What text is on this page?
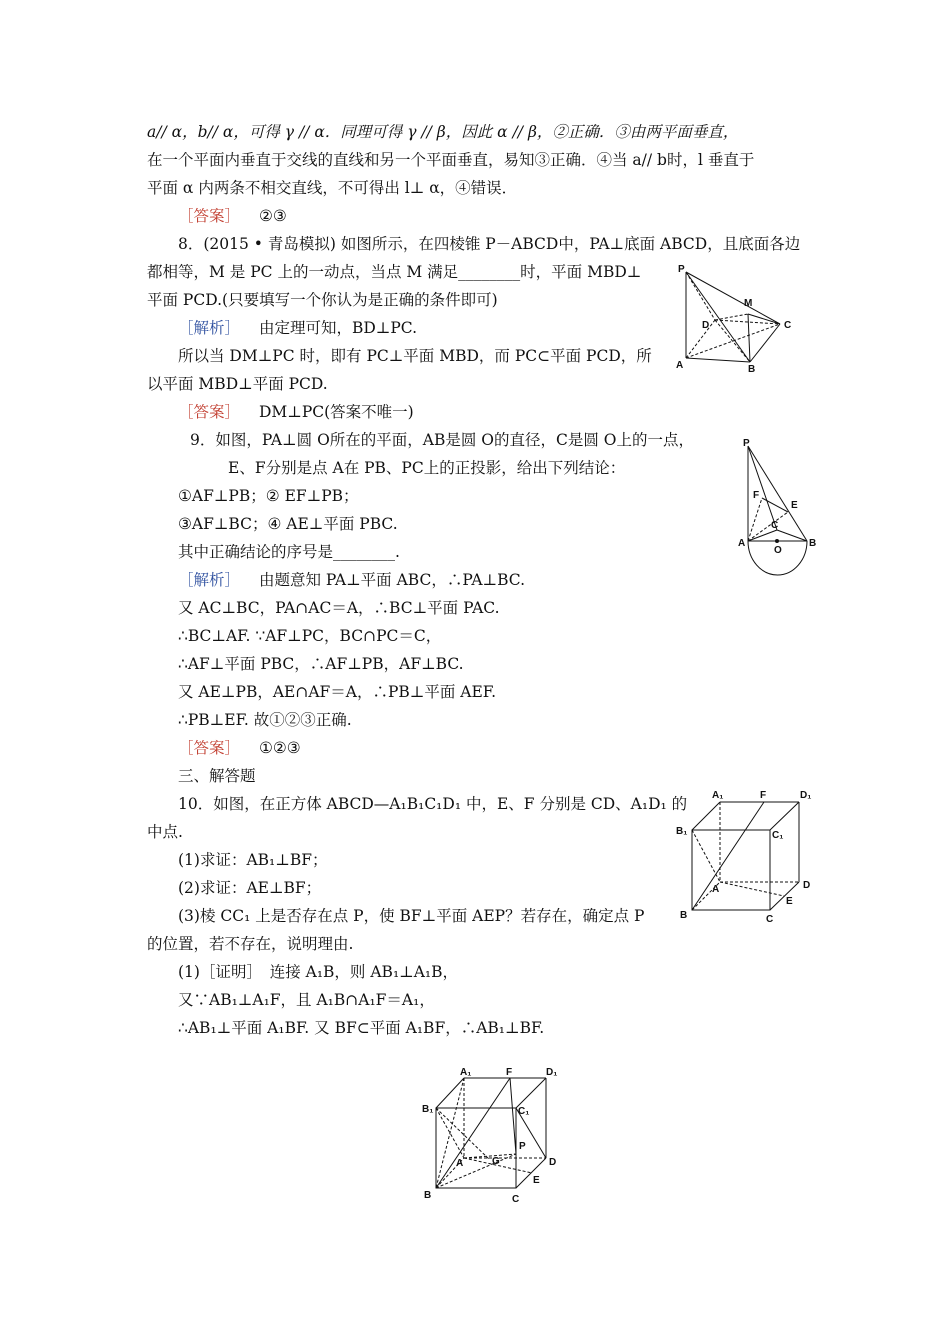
a// α，b// α，可得 γ // α．同理可得 γ // β，因此 α // β，②正确．③由两平面垂直，
在一个平面内垂直于交线的直线和另一个平面垂直，易知③正确．④当 a// b时，l 垂直于
平面 α 内两条不相交直线，不可得出 l⊥ α，④错误．
［答案］ ②③
8．(2015 • 青岛模拟) 如图所示，在四棱锥 P－ABCD中，PA⊥底面 ABCD，且底面各边
都相等，M 是 PC 上的一动点，当点 M 满足________时，平面 MBD⊥
平面 PCD.(只要填写一个你认为是正确的条件即可)
［解析］ 由定理可知，BD⊥PC.
所以当 DM⊥PC 时，即有 PC⊥平面 MBD，而 PC⊂平面 PCD，所
以平面 MBD⊥平面 PCD.
［答案］ DM⊥PC(答案不唯一)
9．如图，PA⊥圆 O所在的平面，AB是圆 O的直径，C是圆 O上的一点，
E、F分别是点 A在 PB、PC上的正投影，给出下列结论：
①AF⊥PB；② EF⊥PB；
③AF⊥BC；④ AE⊥平面 PBC.
其中正确结论的序号是________.
［解析］ 由题意知 PA⊥平面 ABC，∴PA⊥BC.
又 AC⊥BC，PA∩AC＝A，∴BC⊥平面 PAC.
∴BC⊥AF. ∵AF⊥PC，BC∩PC＝C，
∴AF⊥平面 PBC，∴AF⊥PB，AF⊥BC.
又 AE⊥PB，AE∩AF＝A，∴PB⊥平面 AEF.
∴PB⊥EF. 故①②③正确.
［答案］ ①②③
三、解答题
10．如图，在正方体 ABCD—A₁B₁C₁D₁ 中，E、F 分别是 CD、A₁D₁ 的
中点.
(1)求证：AB₁⊥BF；
(2)求证：AE⊥BF；
(3)棱 CC₁ 上是否存在点 P，使 BF⊥平面 AEP？若存在，确定点 P
的位置，若不存在，说明理由.
(1)［证明］　连接 A₁B，则 AB₁⊥A₁B，
又∵AB₁⊥A₁F，且 A₁B∩A₁F＝A₁，
∴AB₁⊥平面 A₁BF. 又 BF⊂平面 A₁BF，∴AB₁⊥BF.
P
M
D	C
A	B
P
F
E
C
A
O
B
A₁	F	D₁
B₁	C₁
A	D
E
B	C
A₁	F	D₁
B₁	C₁
P
A	G	D
E
B	C
